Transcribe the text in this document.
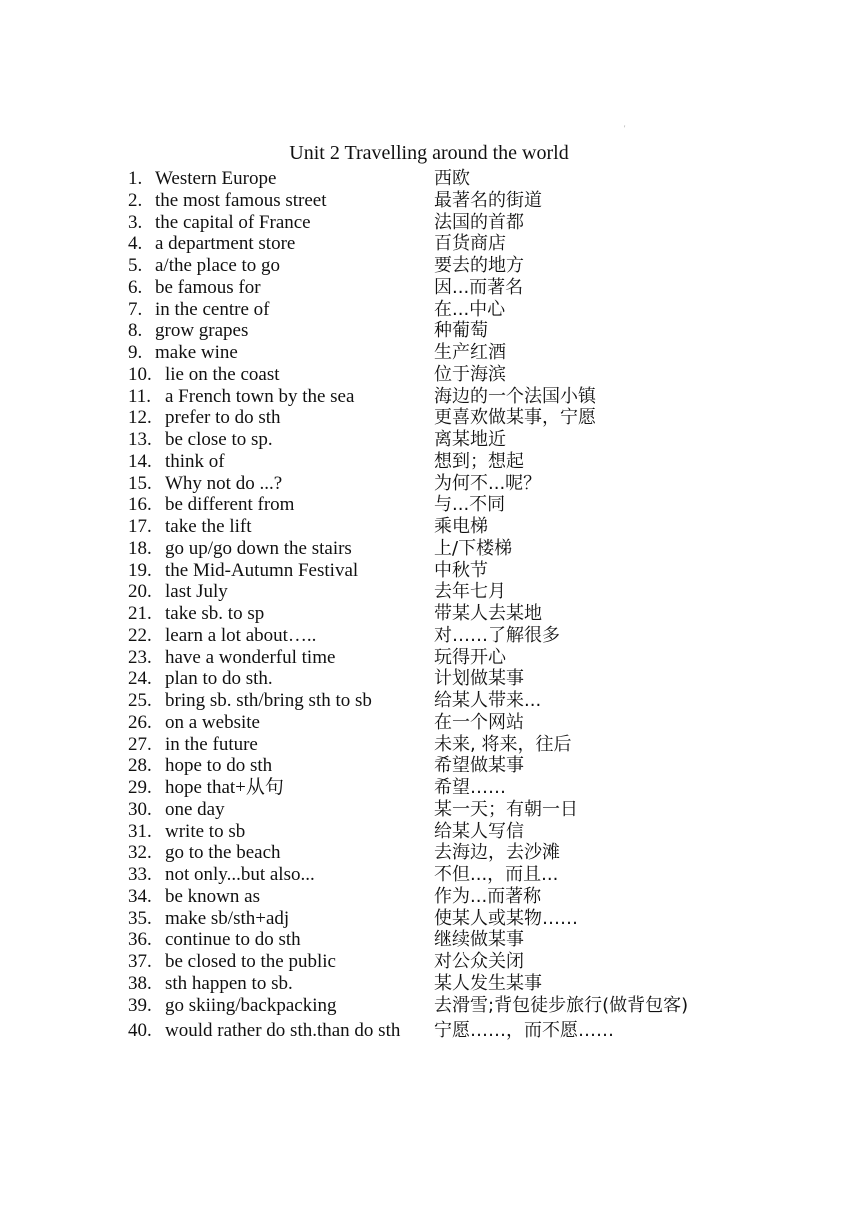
'
Unit 2 Travelling around the world
1. Western Europe	西欧
2. the most famous street	最著名的街道
3. the capital of France	法国的首都
4. a department store	百货商店
5. a/the place to go	要去的地方
6. be famous for	因...而著名
7. in the centre of	在...中心
8. grow grapes	种葡萄
9. make wine	生产红酒
10. lie on the coast	位于海滨
11. a French town by the sea	海边的一个法国小镇
12. prefer to do sth	更喜欢做某事，宁愿
13. be close to sp.	离某地近
14. think of	想到；想起
15. Why not do ...?	为何不...呢？
16. be different from	与...不同
17. take the lift	乘电梯
18. go up/go down the stairs	上/下楼梯
19. the Mid-Autumn Festival	中秋节
20. last July	去年七月
21. take sb. to sp	带某人去某地
22. learn a lot about…..	对……了解很多
23. have a wonderful time	玩得开心
24. plan to do sth.	计划做某事
25. bring sb. sth/bring sth to sb	给某人带来...
26. on a website	在一个网站
27. in the future	未来, 将来，往后
28. hope to do sth	希望做某事
29. hope that+从句	希望……
30. one day	某一天；有朝一日
31. write to sb	给某人写信
32. go to the beach	去海边，去沙滩
33. not only...but also...	不但...，而且...
34. be known as	作为...而著称
35. make sb/sth+adj	使某人或某物……
36. continue to do sth	继续做某事
37. be closed to the public	对公众关闭
38. sth happen to sb.	某人发生某事
39. go skiing/backpacking	去滑雪;背包徒步旅行(做背包客)
40. would rather do sth.than do sth 宁愿……，而不愿……
